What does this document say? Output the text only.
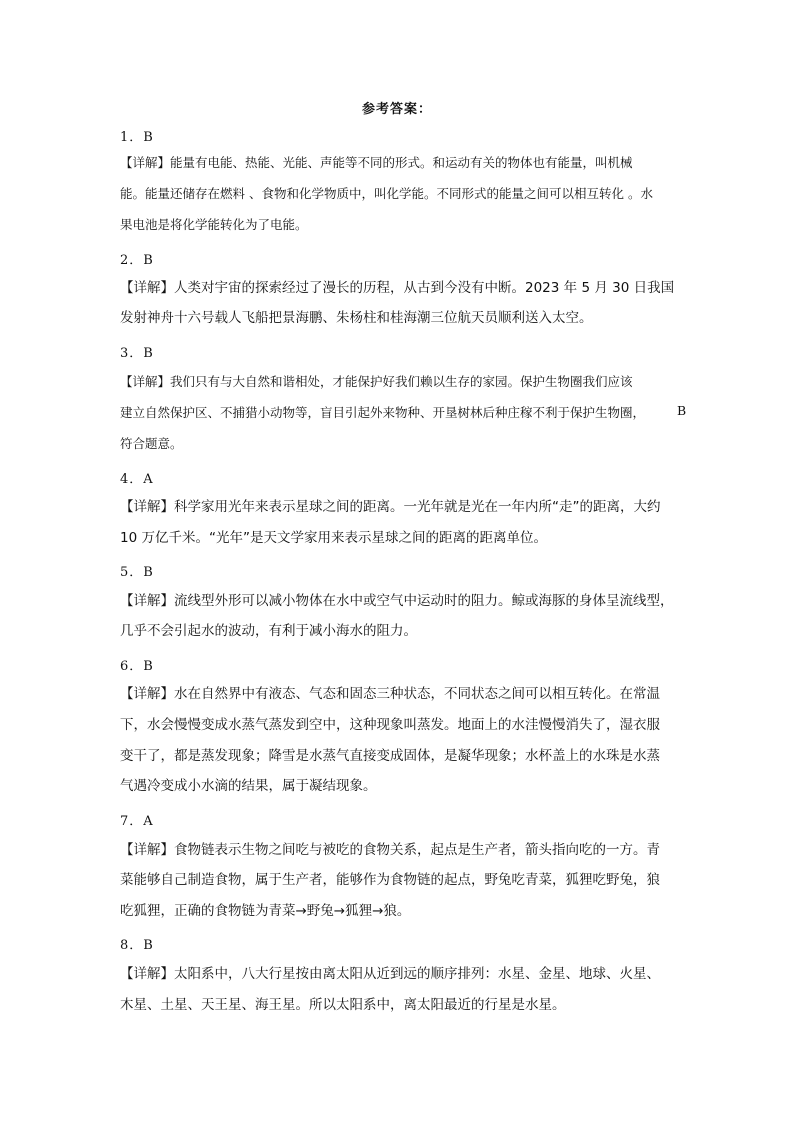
参考答案：
1．B
【详解】能量有电能、热能、光能、声能等不同的形式。和运动有关的物体也有能量，叫机械
能。能量还储存在燃料 、食物和化学物质中，叫化学能。不同形式的能量之间可以相互转化 。水
果电池是将化学能转化为了电能。
2．B
【详解】人类对宇宙的探索经过了漫长的历程，从古到今没有中断。2023 年 5 月 30 日我国
发射神舟十六号载人飞船把景海鹏、朱杨柱和桂海潮三位航天员顺利送入太空。
3．B
【详解】我们只有与大自然和谐相处，才能保护好我们赖以生存的家园。保护生物圈我们应该
建立自然保护区、不捕猎小动物等，盲目引起外来物种、开垦树林后种庄稼不利于保护生物圈，	B
符合题意。
4．A
【详解】科学家用光年来表示星球之间的距离。一光年就是光在一年内所“走”的距离，大约
10 万亿千米。“光年”是天文学家用来表示星球之间的距离的距离单位。
5．B
【详解】流线型外形可以减小物体在水中或空气中运动时的阻力。鲸或海豚的身体呈流线型，
几乎不会引起水的波动，有利于减小海水的阻力。
6．B
【详解】水在自然界中有液态、气态和固态三种状态，不同状态之间可以相互转化。在常温
下，水会慢慢变成水蒸气蒸发到空中，这种现象叫蒸发。地面上的水洼慢慢消失了，湿衣服
变干了，都是蒸发现象；降雪是水蒸气直接变成固体，是凝华现象；水杯盖上的水珠是水蒸
气遇冷变成小水滴的结果，属于凝结现象。
7．A
【详解】食物链表示生物之间吃与被吃的食物关系，起点是生产者，箭头指向吃的一方。青
菜能够自己制造食物，属于生产者，能够作为食物链的起点，野兔吃青菜，狐狸吃野兔，狼
吃狐狸，正确的食物链为青菜→野兔→狐狸→狼。
8．B
【详解】太阳系中，八大行星按由离太阳从近到远的顺序排列：水星、金星、地球、火星、
木星、土星、天王星、海王星。所以太阳系中，离太阳最近的行星是水星。
